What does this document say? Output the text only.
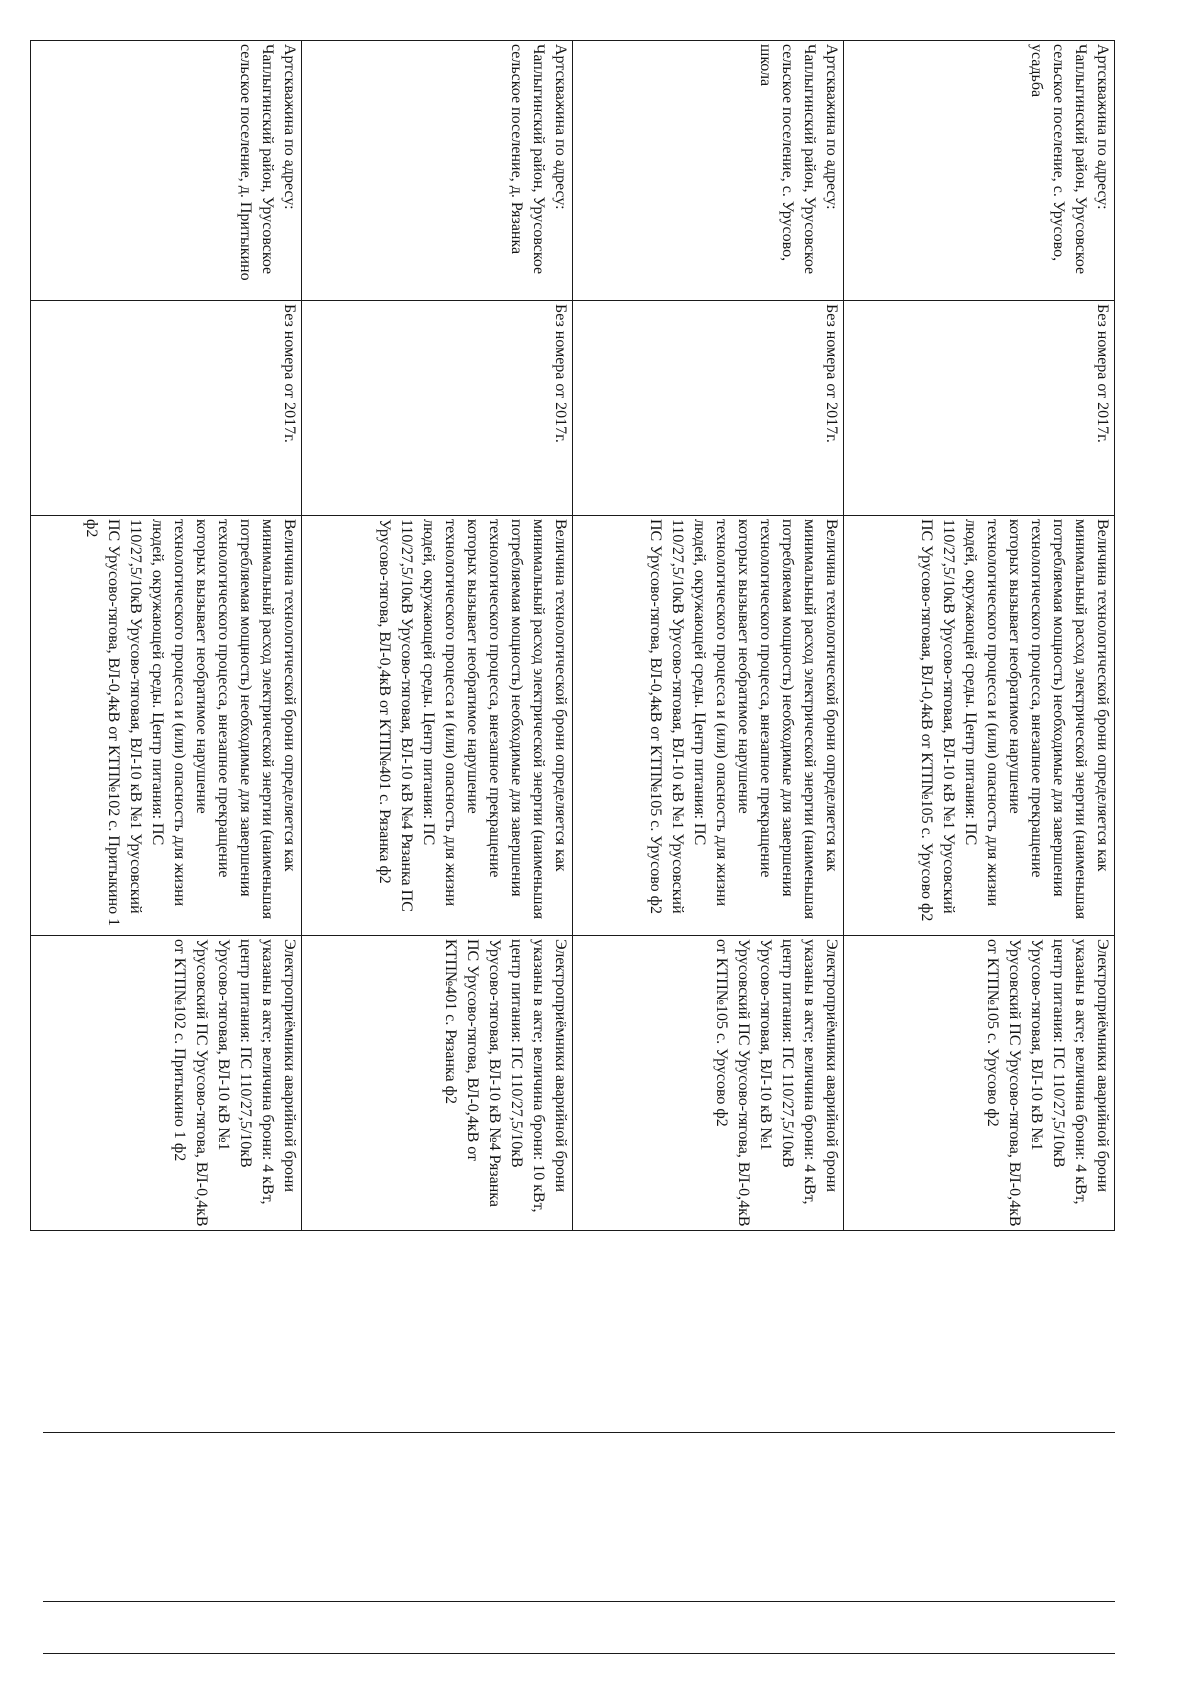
Артскважина по адресу: Чаплыгинский район, Урусовское сельское поселение, с. Урусово, усадьба	Без номера от 2017г.	Величина технологической брони определяется как минимальный расход электрической энергии (наименьшая потребляемая мощность) необходимые для завершения технологического процесса, внезапное прекращение которых вызывает необратимое нарушение технологического процесса и (или) опасность для жизни людей, окружающей среды. Центр питания: ПС 110/27,5/10кВ Урусово-тяговая, ВЛ-10 кВ №1 Урусовский ПС Урусово-тяговая, ВЛ-0,4кВ от КТП№105 с. Урусово ф2	Электроприёмники аварийной брони указаны в акте; величина брони: 4 кВт, центр питания: ПС 110/27,5/10кВ Урусово-тяговая, ВЛ-10 кВ №1 Урусовский ПС Урусово-тягова, ВЛ-0,4кВ от КТП№105 с. Урусово ф2
Артскважина по адресу: Чаплыгинский район, Урусовское сельское поселение, с. Урусово, школа	Без номера от 2017г.	Величина технологической брони определяется как минимальный расход электрической энергии (наименьшая потребляемая мощность) необходимые для завершения технологического процесса, внезапное прекращение которых вызывает необратимое нарушение технологического процесса и (или) опасность для жизни людей, окружающей среды. Центр питания: ПС 110/27,5/10кВ Урусово-тяговая, ВЛ-10 кВ №1 Урусовский ПС Урусово-тягова, ВЛ-0,4кВ от КТП№105 с. Урусово ф2	Электроприёмники аварийной брони указаны в акте; величина брони: 4 кВт, центр питания: ПС 110/27,5/10кВ Урусово-тяговая, ВЛ-10 кВ №1 Урусовский ПС Урусово-тягова, ВЛ-0,4кВ от КТП№105 с. Урусово ф2
Артскважина по адресу: Чаплыгинский район, Урусовское сельское поселение, д. Рязанка	Без номера от 2017г.	Величина технологической брони определяется как минимальный расход электрической энергии (наименьшая потребляемая мощность) необходимые для завершения технологического процесса, внезапное прекращение которых вызывает необратимое нарушение технологического процесса и (или) опасность для жизни людей, окружающей среды. Центр питания: ПС 110/27,5/10кВ Урусово-тяговая, ВЛ-10 кВ №4 Рязанка ПС Урусово-тягова, ВЛ-0,4кВ от КТП№401 с. Рязанка ф2	Электроприёмники аварийной брони указаны в акте; величина брони: 10 кВт, центр питания: ПС 110/27,5/10кВ Урусово-тяговая, ВЛ-10 кВ №4 Рязанка ПС Урусово-тягова, ВЛ-0,4кВ от КТП№401 с. Рязанка ф2
Артскважина по адресу: Чаплыгинский район, Урусовское сельское поселение, д. Притыкино	Без номера от 2017г.	Величина технологической брони определяется как минимальный расход электрической энергии (наименьшая потребляемая мощность) необходимые для завершения технологического процесса, внезапное прекращение которых вызывает необратимое нарушение технологического процесса и (или) опасность для жизни людей, окружающей среды. Центр питания: ПС 110/27,5/10кВ Урусово-тяговая, ВЛ-10 кВ №1 Урусовский ПС Урусово-тягова, ВЛ-0,4кВ от КТП№102 с. Притыкино 1 ф2	Электроприёмники аварийной брони указаны в акте; величина брони: 4 кВт, центр питания: ПС 110/27,5/10кВ Урусово-тяговая, ВЛ-10 кВ №1 Урусовский ПС Урусово-тягова, ВЛ-0,4кВ от КТП№102 с. Притыкино 1 ф2
